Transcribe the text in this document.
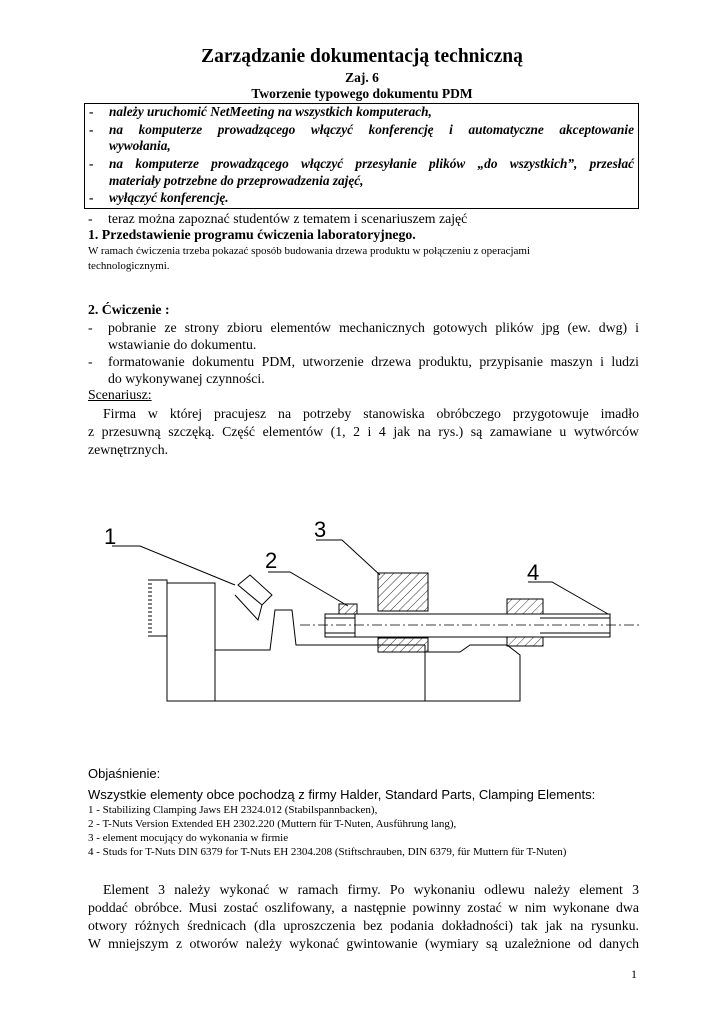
Zarządzanie dokumentacją techniczną
Zaj. 6
Tworzenie typowego dokumentu PDM
- należy uruchomić NetMeeting na wszystkich komputerach,
- na komputerze prowadzącego włączyć konferencję i automatyczne akceptowanie
wywołania,
- na komputerze prowadzącego włączyć przesyłanie plików „do wszystkich”, przesłać
materiały potrzebne do przeprowadzenia zajęć,
- wyłączyć konferencję.
- teraz można zapoznać studentów z tematem i scenariuszem zajęć
1. Przedstawienie programu ćwiczenia laboratoryjnego.
W ramach ćwiczenia trzeba pokazać sposób budowania drzewa produktu w połączeniu z operacjami
technologicznymi.
2. Ćwiczenie :
- pobranie ze strony zbioru elementów mechanicznych gotowych plików jpg (ew. dwg) i
wstawianie do dokumentu.
- formatowanie dokumentu PDM, utworzenie drzewa produktu, przypisanie maszyn i ludzi
do wykonywanej czynności.
Scenariusz:
Firma w której pracujesz na potrzeby stanowiska obróbczego przygotowuje imadło
z przesuwną szczęką. Część elementów (1, 2 i 4 jak na rys.) są zamawiane u wytwórców
zewnętrznych.
1
2
3
4
Objaśnienie:
Wszystkie elementy obce pochodzą z firmy Halder, Standard Parts, Clamping Elements:
1 - Stabilizing Clamping Jaws EH 2324.012 (Stabilspannbacken),
2 - T-Nuts Version Extended EH 2302.220 (Muttern für T-Nuten, Ausführung lang),
3 - element mocujący do wykonania w firmie
4 - Studs for T-Nuts DIN 6379 for T-Nuts EH 2304.208 (Stiftschrauben, DIN 6379, für Muttern für T-Nuten)
Element 3 należy wykonać w ramach firmy. Po wykonaniu odlewu należy element 3
poddać obróbce. Musi zostać oszlifowany, a następnie powinny zostać w nim wykonane dwa
otwory różnych średnicach (dla uproszczenia bez podania dokładności) tak jak na rysunku.
W mniejszym z otworów należy wykonać gwintowanie (wymiary są uzależnione od danych
1
